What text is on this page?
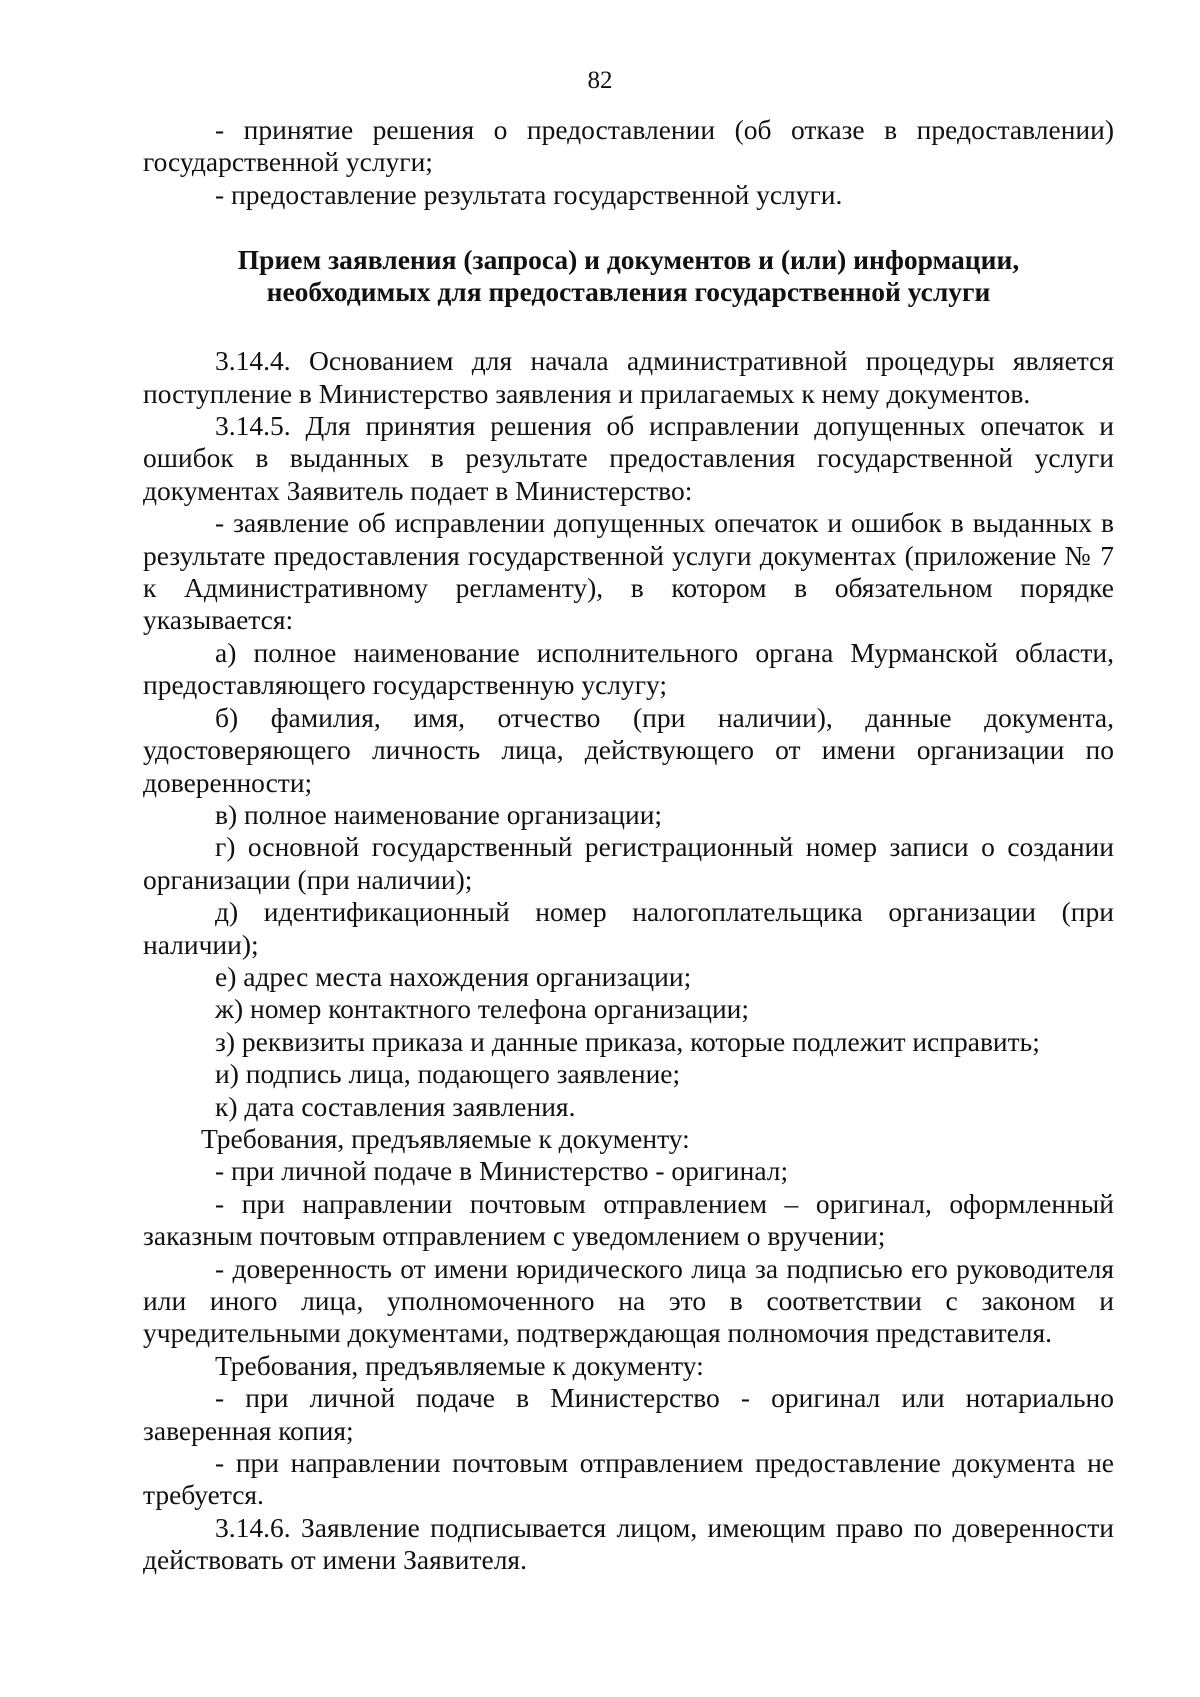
82

- принятие решения о предоставлении (об отказе в предоставлении) государственной услуги;

- предоставление результата государственной услуги.

Прием заявления (запроса) и документов и (или) информации,
необходимых для предоставления государственной услуги

3.14.4. Основанием для начала административной процедуры является поступление в Министерство заявления и прилагаемых к нему документов.

3.14.5. Для принятия решения об исправлении допущенных опечаток и ошибок в выданных в результате предоставления государственной услуги документах Заявитель подает в Министерство:

- заявление об исправлении допущенных опечаток и ошибок в выданных в результате предоставления государственной услуги документах (приложение № 7 к Административному регламенту), в котором в обязательном порядке указывается:

а) полное наименование исполнительного органа Мурманской области, предоставляющего государственную услугу;

б) фамилия, имя, отчество (при наличии), данные документа, удостоверяющего личность лица, действующего от имени организации по доверенности;

в) полное наименование организации;

г) основной государственный регистрационный номер записи о создании организации (при наличии);

д) идентификационный номер налогоплательщика организации (при наличии);

е) адрес места нахождения организации;

ж) номер контактного телефона организации;

з) реквизиты приказа и данные приказа, которые подлежит исправить;

и) подпись лица, подающего заявление;

к) дата составления заявления.

Требования, предъявляемые к документу:

- при личной подаче в Министерство - оригинал;

- при направлении почтовым отправлением – оригинал, оформленный заказным почтовым отправлением с уведомлением о вручении;

- доверенность от имени юридического лица за подписью его руководителя или иного лица, уполномоченного на это в соответствии с законом и учредительными документами, подтверждающая полномочия представителя.

Требования, предъявляемые к документу:

- при личной подаче в Министерство - оригинал или нотариально заверенная копия;

- при направлении почтовым отправлением предоставление документа не требуется.

3.14.6. Заявление подписывается лицом, имеющим право по доверенности действовать от имени Заявителя.
